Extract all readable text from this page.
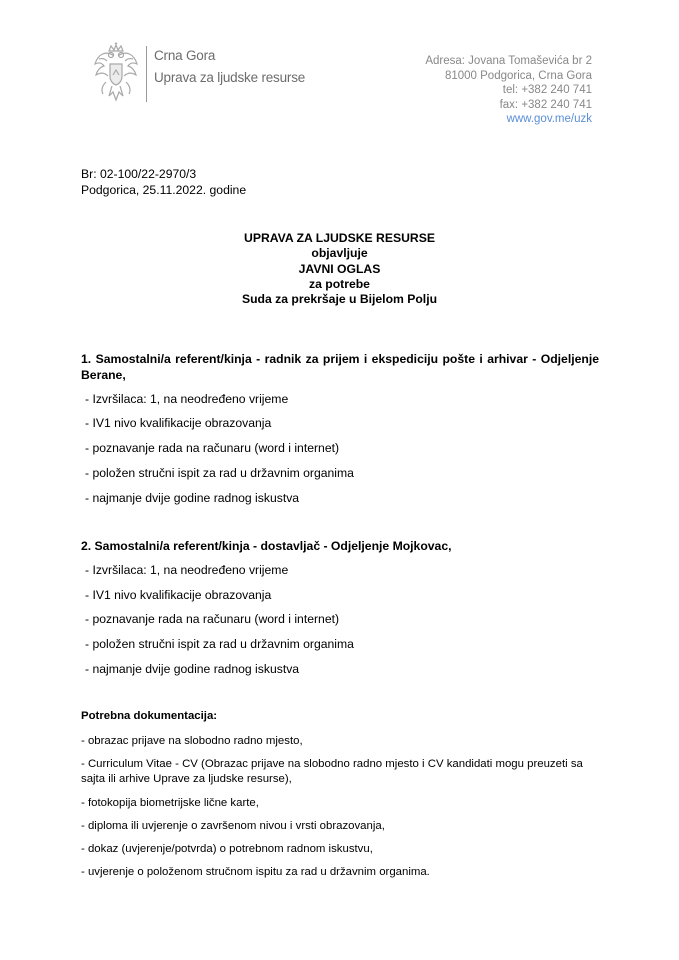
Crna Gora
Uprava za ljudske resurse
Adresa: Jovana Tomaševića br 2
81000 Podgorica, Crna Gora
tel: +382 240 741
fax: +382 240 741
www.gov.me/uzk
Br: 02-100/22-2970/3
Podgorica, 25.11.2022. godine
UPRAVA ZA LJUDSKE RESURSE
objavljuje
JAVNI OGLAS
za potrebe
Suda za prekršaje u Bijelom Polju
1. Samostalni/a referent/kinja - radnik za prijem i ekspediciju pošte i arhivar - Odjeljenje Berane,
- Izvršilaca: 1, na neodređeno vrijeme
- IV1 nivo kvalifikacije obrazovanja
- poznavanje rada na računaru (word i internet)
- položen stručni ispit za rad u državnim organima
- najmanje dvije godine radnog iskustva
2. Samostalni/a referent/kinja - dostavljač - Odjeljenje Mojkovac,
- Izvršilaca: 1, na neodređeno vrijeme
- IV1 nivo kvalifikacije obrazovanja
- poznavanje rada na računaru (word i internet)
- položen stručni ispit za rad u državnim organima
- najmanje dvije godine radnog iskustva
Potrebna dokumentacija:
- obrazac prijave na slobodno radno mjesto,
- Curriculum Vitae - CV (Obrazac prijave na slobodno radno mjesto i CV kandidati mogu preuzeti sa sajta ili arhive Uprave za ljudske resurse),
- fotokopija biometrijske lične karte,
- diploma ili uvjerenje o završenom nivou i vrsti obrazovanja,
- dokaz (uvjerenje/potvrda) o potrebnom radnom iskustvu,
- uvjerenje o položenom stručnom ispitu za rad u državnim organima.
